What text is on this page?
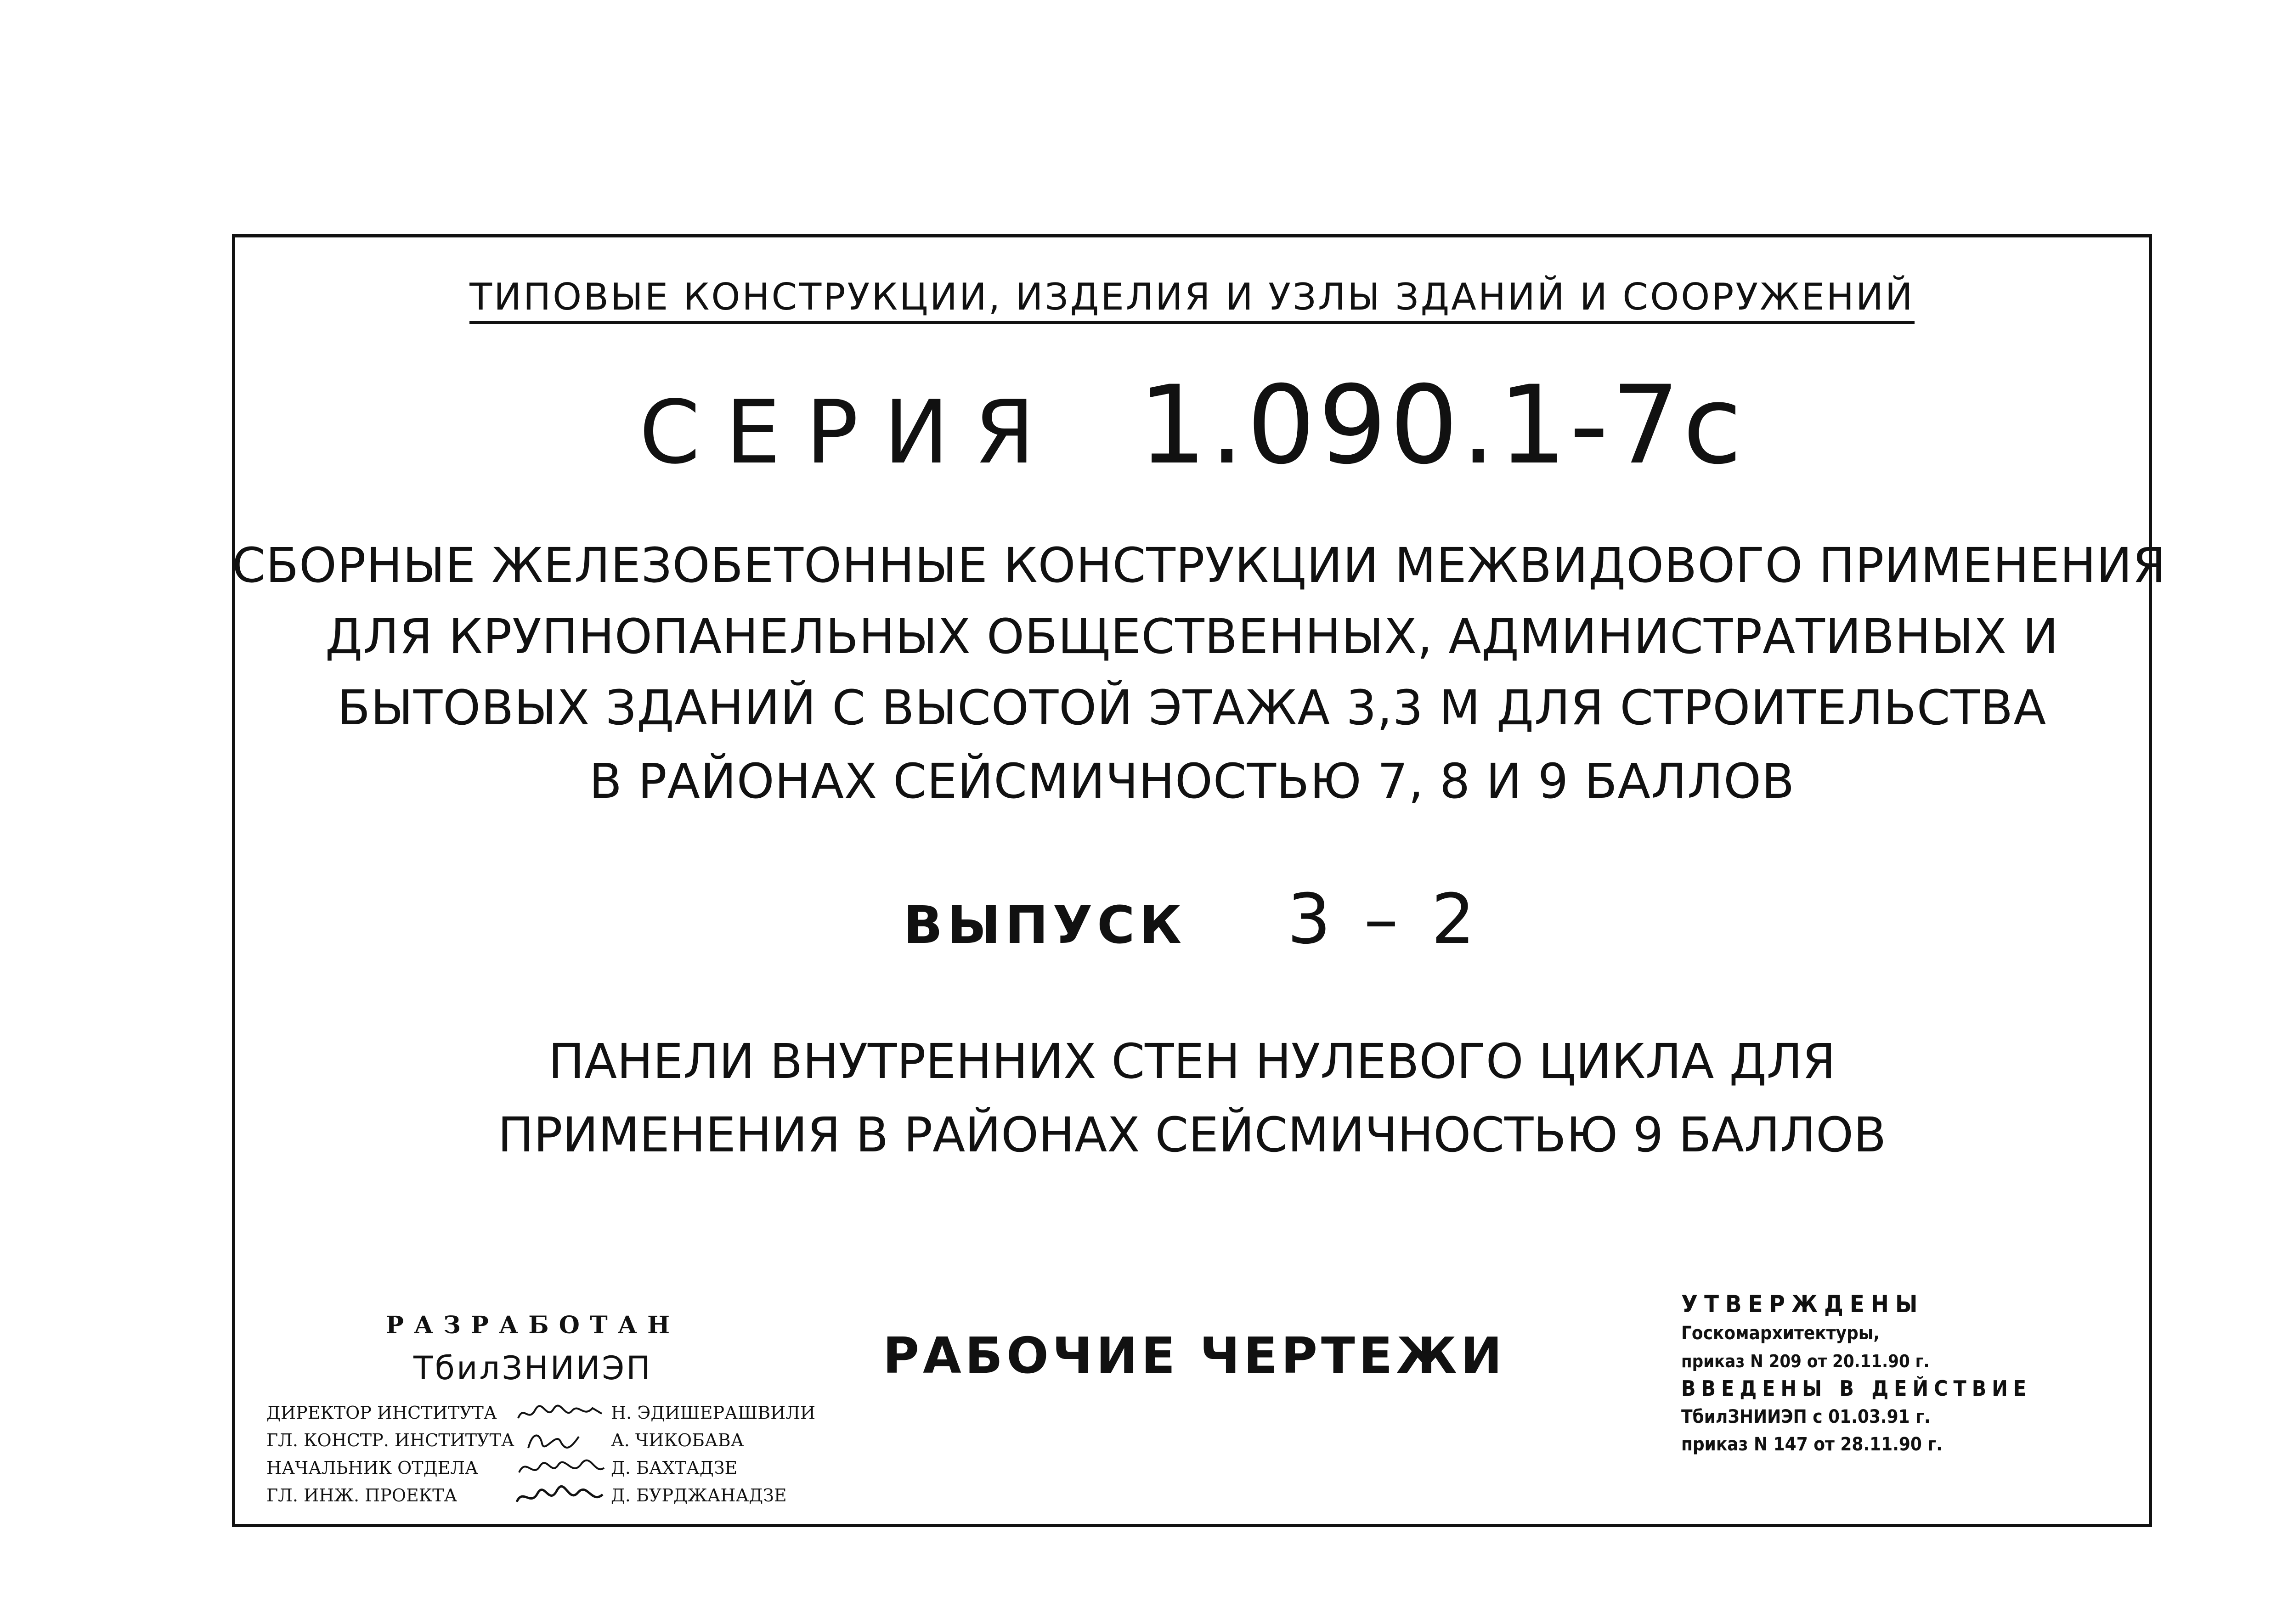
ТИПОВЫЕ КОНСТРУКЦИИ, ИЗДЕЛИЯ И УЗЛЫ ЗДАНИЙ И СООРУЖЕНИЙ
СЕРИЯ 1.090.1-7с
СБОРНЫЕ ЖЕЛЕЗОБЕТОННЫЕ КОНСТРУКЦИИ МЕЖВИДОВОГО ПРИМЕНЕНИЯ
ДЛЯ КРУПНОПАНЕЛЬНЫХ ОБЩЕСТВЕННЫХ, АДМИНИСТРАТИВНЫХ И
БЫТОВЫХ ЗДАНИЙ С ВЫСОТОЙ ЭТАЖА 3,3 М ДЛЯ СТРОИТЕЛЬСТВА
В РАЙОНАХ СЕЙСМИЧНОСТЬЮ 7, 8 И 9 БАЛЛОВ
ВЫПУСК 3 – 2
ПАНЕЛИ ВНУТРЕННИХ СТЕН НУЛЕВОГО ЦИКЛА ДЛЯ
ПРИМЕНЕНИЯ В РАЙОНАХ СЕЙСМИЧНОСТЬЮ 9 БАЛЛОВ
РАЗРАБОТАН
ТбилЗНИИЭП
ДИРЕКТОР ИНСТИТУТА	Н. ЭДИШЕРАШВИЛИ
ГЛ. КОНСТР. ИНСТИТУТА	А. ЧИКОБАВА
НАЧАЛЬНИК ОТДЕЛА	Д. БАХТАДЗЕ
ГЛ. ИНЖ. ПРОЕКТА	Д. БУРДЖАНАДЗЕ
РАБОЧИЕ ЧЕРТЕЖИ
УТВЕРЖДЕНЫ
Госкомархитектуры,
приказ N 209 от 20.11.90 г.
ВВЕДЕНЫ В ДЕЙСТВИЕ
ТбилЗНИИЭП с 01.03.91 г.
приказ N 147 от 28.11.90 г.
